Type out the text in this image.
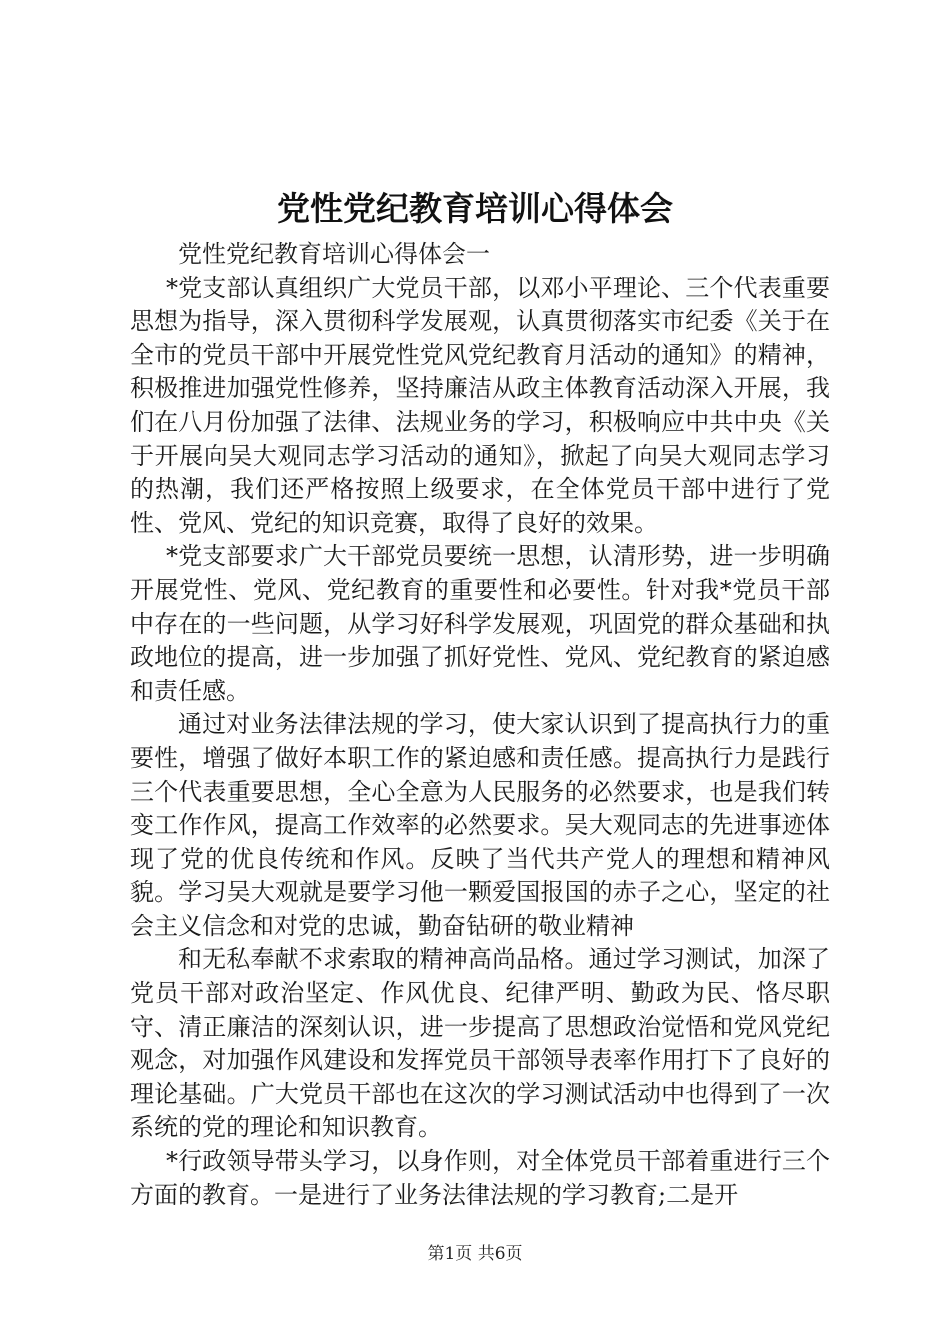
党性党纪教育培训心得体会

党性党纪教育培训心得体会一

*党支部认真组织广大党员干部，以邓小平理论、三个代表重要思想为指导，深入贯彻科学发展观，认真贯彻落实市纪委《关于在全市的党员干部中开展党性党风党纪教育月活动的通知》的精神，积极推进加强党性修养，坚持廉洁从政主体教育活动深入开展，我们在八月份加强了法律、法规业务的学习，积极响应中共中央《关于开展向吴大观同志学习活动的通知》，掀起了向吴大观同志学习的热潮，我们还严格按照上级要求，在全体党员干部中进行了党性、党风、党纪的知识竞赛，取得了良好的效果。

*党支部要求广大干部党员要统一思想，认清形势，进一步明确开展党性、党风、党纪教育的重要性和必要性。针对我*党员干部中存在的一些问题，从学习好科学发展观，巩固党的群众基础和执政地位的提高，进一步加强了抓好党性、党风、党纪教育的紧迫感和责任感。

通过对业务法律法规的学习，使大家认识到了提高执行力的重要性，增强了做好本职工作的紧迫感和责任感。提高执行力是践行三个代表重要思想，全心全意为人民服务的必然要求，也是我们转变工作作风，提高工作效率的必然要求。吴大观同志的先进事迹体现了党的优良传统和作风。反映了当代共产党人的理想和精神风貌。学习吴大观就是要学习他一颗爱国报国的赤子之心，坚定的社会主义信念和对党的忠诚，勤奋钻研的敬业精神

和无私奉献不求索取的精神高尚品格。通过学习测试，加深了党员干部对政治坚定、作风优良、纪律严明、勤政为民、恪尽职守、清正廉洁的深刻认识，进一步提高了思想政治觉悟和党风党纪观念，对加强作风建设和发挥党员干部领导表率作用打下了良好的理论基础。广大党员干部也在这次的学习测试活动中也得到了一次系统的党的理论和知识教育。

*行政领导带头学习，以身作则，对全体党员干部着重进行三个方面的教育。一是进行了业务法律法规的学习教育;二是开

第1页 共6页
